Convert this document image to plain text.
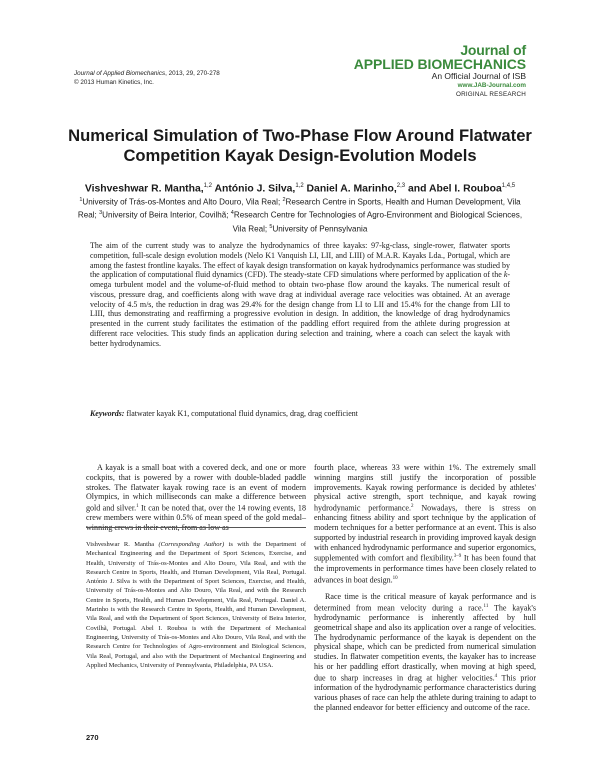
Journal of Applied Biomechanics, 2013, 29, 270-278
© 2013 Human Kinetics, Inc.
Journal of
APPLIED BIOMECHANICS
An Official Journal of ISB
www.JAB-Journal.com
ORIGINAL RESEARCH
Numerical Simulation of Two-Phase Flow Around Flatwater
Competition Kayak Design-Evolution Models
Vishveshwar R. Mantha,$^{1,2}$ António J. Silva,$^{1,2}$ Daniel A. Marinho,$^{2,3}$ and Abel I. Rouboa$^{1,4,5}$
$^1$University of Trás-os-Montes and Alto Douro, Vila Real; $^2$Research Centre in Sports, Health and Human Development, Vila Real; $^3$University of Beira Interior, Covilhã; $^4$Research Centre for Technologies of Agro-Environment and Biological Sciences, Vila Real; $^5$University of Pennsylvania
The aim of the current study was to analyze the hydrodynamics of three kayaks: 97-kg-class, single-rower, flatwater sports competition, full-scale design evolution models (Nelo K1 Vanquish LI, LII, and LIII) of M.A.R. Kayaks Lda., Portugal, which are among the fastest frontline kayaks. The effect of kayak design transformation on kayak hydrodynamics performance was studied by the application of computational fluid dynamics (CFD). The steady-state CFD simulations where performed by application of the k-omega turbulent model and the volume-of-fluid method to obtain two-phase flow around the kayaks. The numerical result of viscous, pressure drag, and coefficients along with wave drag at individual average race velocities was obtained. At an average velocity of 4.5 m/s, the reduction in drag was 29.4% for the design change from LI to LII and 15.4% for the change from LII to LIII, thus demonstrating and reaffirming a progressive evolution in design. In addition, the knowledge of drag hydrodynamics presented in the current study facilitates the estimation of the paddling effort required from the athlete during progression at different race velocities. This study finds an application during selection and training, where a coach can select the kayak with better hydrodynamics.
Keywords: flatwater kayak K1, computational fluid dynamics, drag, drag coefficient

A kayak is a small boat with a covered deck, and one or more cockpits, that is powered by a rower with double-bladed paddle strokes. The flatwater kayak rowing race is an event of modern Olympics, in which milliseconds can make a difference between gold and silver.$^1$ It can be noted that, over the 14 rowing events, 18 crew members were within 0.5% of mean speed of the gold medal–winning crews in their event, from as low as

Vishveshwar R. Mantha (Corresponding Author) is with the Department of Mechanical Engineering and the Department of Sport Sciences, Exercise, and Health, University of Trás-os-Montes and Alto Douro, Vila Real, and with the Research Centre in Sports, Health, and Human Development, Vila Real, Portugal. António J. Silva is with the Department of Sport Sciences, Exercise, and Health, University of Trás-os-Montes and Alto Douro, Vila Real, and with the Research Centre in Sports, Health, and Human Development, Vila Real, Portugal. Daniel A. Marinho is with the Research Centre in Sports, Health, and Human Development, Vila Real, and with the Department of Sport Sciences, University of Beira Interior, Covilhã, Portugal. Abel I. Rouboa is with the Department of Mechanical Engineering, University of Trás-os-Montes and Alto Douro, Vila Real, and with the Research Centre for Technologies of Agro-environment and Biological Sciences, Vila Real, Portugal, and also with the Department of Mechanical Engineering and Applied Mechanics, University of Pennsylvania, Philadelphia, PA USA.

fourth place, whereas 33 were within 1%. The extremely small winning margins still justify the incorporation of possible improvements. Kayak rowing performance is decided by athletes' physical active strength, sport technique, and kayak rowing hydrodynamic performance.$^2$ Nowadays, there is stress on enhancing fitness ability and sport technique by the application of modern techniques for a better performance at an event. This is also supported by industrial research in providing improved kayak design with enhanced hydrodynamic performance and superior ergonomics, supplemented with comfort and flexibility.$^{3-9}$ It has been found that the improvements in performance times have been closely related to advances in boat design.$^{10}$

Race time is the critical measure of kayak performance and is determined from mean velocity during a race.$^{11}$ The kayak's hydrodynamic performance is inherently affected by hull geometrical shape and also its application over a range of velocities. The hydrodynamic performance of the kayak is dependent on the physical shape, which can be predicted from numerical simulation studies. In flatwater competition events, the kayaker has to increase his or her paddling effort drastically, when moving at high speed, due to sharp increases in drag at higher velocities.$^4$ This prior information of the hydrodynamic performance characteristics during various phases of race can help the athlete during training to adapt to the planned endeavor for better efficiency and outcome of the race.

270
